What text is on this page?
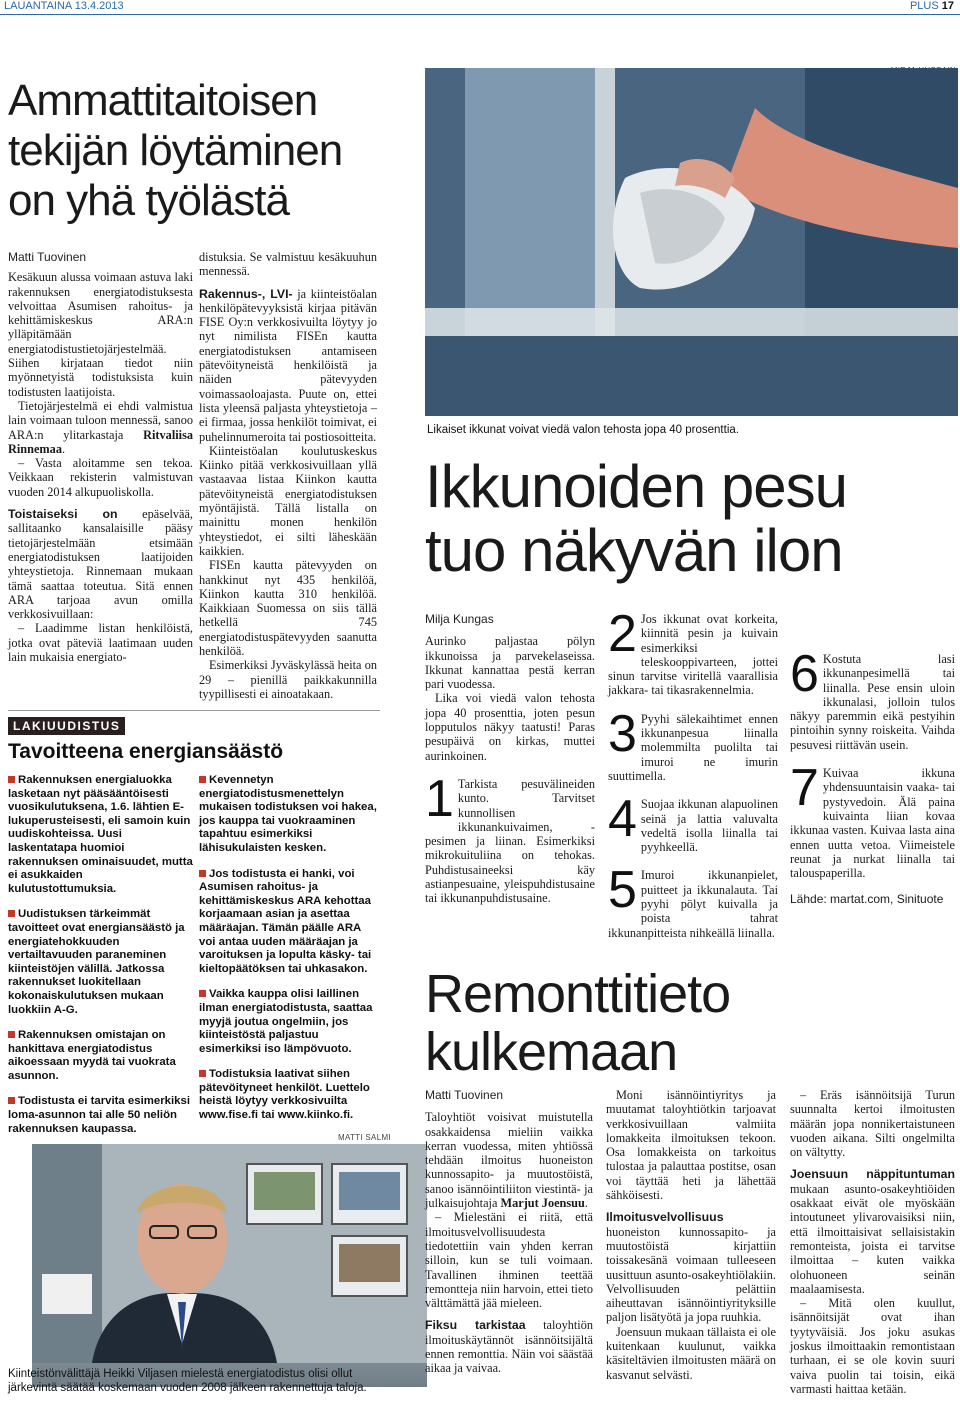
LAUANTAINA 13.4.2013	PLUS 17
Ammattitaitoisen
tekijän löytäminen
on yhä työlästä
Matti Tuovinen

Kesäkuun alussa voimaan astuva laki rakennuksen energiatodistuksesta velvoittaa Asumisen rahoitus- ja kehittämiskeskus ARA:n ylläpitämään energiatodistustietojärjestelmää. Siihen kirjataan tiedot niin myönnetyistä todistuksista kuin todistusten laatijoista.

Tietojärjestelmä ei ehdi valmistua lain voimaan tuloon mennessä, sanoo ARA:n ylitarkastaja Ritvaliisa Rinnemaa.

– Vasta aloitamme sen tekoa. Veikkaan rekisterin valmistuvan vuoden 2014 alkupuoliskolla.

Toistaiseksi on epäselvää, sallitaanko kansalaisille pääsy tietojärjestelmään etsimään energiatodistuksen laatijoiden yhteystietoja. Rinnemaan mukaan tämä saattaa toteutua. Sitä ennen ARA tarjoaa avun omilla verkkosivuillaan:

– Laadimme listan henkilöistä, jotka ovat päteviä laatimaan uuden lain mukaisia energiato-

distuksia. Se valmistuu kesäkuuhun mennessä.

Rakennus-, LVI- ja kiinteistöalan henkilöpätevyyksistä kirjaa pitävän FISE Oy:n verkkosivuilta löytyy jo nyt nimilista FISEn kautta energiatodistuksen antamiseen pätevöityneistä henkilöistä ja näiden pätevyyden voimassaoloajasta. Puute on, ettei lista yleensä paljasta yhteystietoja – ei firmaa, jossa henkilöt toimivat, ei puhelinnumeroita tai postiosoitteita.

Kiinteistöalan koulutuskeskus Kiinko pitää verkkosivuillaan yllä vastaavaa listaa Kiinkon kautta pätevöityneistä energiatodistuksen myöntäjistä. Tällä listalla on mainittu monen henkilön yhteystiedot, ei silti läheskään kaikkien.

FISEn kautta pätevyyden on hankkinut nyt 435 henkilöä, Kiinkon kautta 310 henkilöä. Kaikkiaan Suomessa on siis tällä hetkellä 745 energiatodistuspätevyyden saanutta henkilöä.

Esimerkiksi Jyväskylässä heita on 29 – pienillä paikkakunnilla tyypillisesti ei ainoatakaan.

Likaiset ikkunat voivat viedä valon tehosta jopa 40 prosenttia.
Ikkunoiden pesu
tuo näkyvän ilon
Milja Kungas

Aurinko paljastaa pölyn ikkunoissa ja parvekelaseissa. Ikkunat kannattaa pestä kerran pari vuodessa.

Lika voi viedä valon tehosta jopa 40 prosenttia, joten pesun lopputulos näkyy taatusti! Paras pesupäivä on kirkas, muttei aurinkoinen.

1 Tarkista pesuvälineiden kunto. Tarvitset kunnollisen ikkunankuivaimen, -pesimen ja liinan. Esimerkiksi mikrokuituliina on tehokas. Puhdistusaineeksi käy astianpesuaine, yleispuhdistusaine tai ikkunanpuhdistusaine.
2 Jos ikkunat ovat korkeita, kiinnitä pesin ja kuivain esimerkiksi teleskooppivarteen, jottei sinun tarvitse viritellä vaarallisia jakkara- tai tikasrakennelmia.
3 Pyyhi sälekaihtimet ennen ikkunanpesua liinalla molemmilta puolilta tai imuroi ne imurin suuttimella.
4 Suojaa ikkunan alapuolinen seinä ja lattia valuvalta vedeltä isolla liinalla tai pyyhkeellä.
5 Imuroi ikkunanpielet, puitteet ja ikkunalauta. Tai pyyhi pölyt kuivalla ja poista tahrat ikkunanpitteista nihkeällä liinalla.
6 Kostuta lasi ikkunanpesimellä tai liinalla. Pese ensin uloin ikkunalasi, jolloin tulos näkyy paremmin eikä pestyihin pintoihin synny roiskeita. Vaihda pesuvesi riittävän usein.
7 Kuivaa ikkuna yhdensuuntaisin vaaka- tai pystyvedoin. Älä paina kuivainta liian kovaa ikkunaa vasten. Kuivaa lasta aina ennen uutta vetoa. Viimeistele reunat ja nurkat liinalla tai talouspaperilla.
Lähde: martat.com, Sinituote
LAKIUUDISTUS
Tavoitteena energiansäästö
Rakennuksen energialuokka lasketaan nyt pääsääntöisesti vuosikulutuksena, 1.6. lähtien E-lukuperusteisesti, eli samoin kuin uudiskohteissa. Uusi laskentatapa huomioi rakennuksen ominaisuudet, mutta ei asukkaiden kulutustottumuksia.
Uudistuksen tärkeimmät tavoitteet ovat energiansäästö ja energiatehokkuuden vertailtavuuden paraneminen kiinteistöjen välillä. Jatkossa rakennukset luokitellaan kokonaiskulutuksen mukaan luokkiin A-G.
Rakennuksen omistajan on hankittava energiatodistus aikoessaan myydä tai vuokrata asunnon.
Todistusta ei tarvita esimerkiksi loma-asunnon tai alle 50 neliön rakennuksen kaupassa.
Kevennetyn energiatodistusmenettelyn mukaisen todistuksen voi hakea, jos kauppa tai vuokraaminen tapahtuu esimerkiksi lähisukulaisten kesken.
Jos todistusta ei hanki, voi Asumisen rahoitus- ja kehittämiskeskus ARA kehottaa korjaamaan asian ja asettaa määräajan. Tämän päälle ARA voi antaa uuden määräajan ja varoituksen ja lopulta käsky- tai kieltopäätöksen tai uhkasakon.
Vaikka kauppa olisi laillinen ilman energiatodistusta, saattaa myyjä joutua ongelmiin, jos kiinteistöstä paljastuu esimerkiksi iso lämpövuoto.
Todistuksia laativat siihen pätevöityneet henkilöt. Luettelo heistä löytyy verkkosivuilta www.fise.fi tai www.kiinko.fi.
MATTI SALMI
Kiinteistönvälittäjä Heikki Viljasen mielestä energiatodistus olisi ollut järkevintä säätää koskemaan vuoden 2008 jälkeen rakennettuja taloja.
Remonttitieto
kulkemaan
Matti Tuovinen

Taloyhtiöt voisivat muistutella osakkaidensa mieliin vaikka kerran vuodessa, miten yhtiössä tehdään ilmoitus huoneiston kunnossapito- ja muutostöistä, sanoo isännöintiliiton viestintä- ja julkaisujohtaja Marjut Joensuu.

– Mielestäni ei riitä, että ilmoitusvelvollisuudesta tiedotettiin vain yhden kerran silloin, kun se tuli voimaan. Tavallinen ihminen teettää remontteja niin harvoin, ettei tieto välttämättä jää mieleen.

Fiksu tarkistaa taloyhtiön ilmoituskäytännöt isännöitsijältä ennen remonttia. Näin voi säästää aikaa ja vaivaa.

Moni isännöintiyritys ja muutamat taloyhtiötkin tarjoavat verkkosivuillaan valmiita lomakkeita ilmoituksen tekoon. Osa lomakkeista on tarkoitus tulostaa ja palauttaa postitse, osan voi täyttää heti ja lähettää sähköisesti.

Ilmoitusvelvollisuus huoneiston kunnossapito- ja muutostöistä kirjattiin toissakesänä voimaan tulleeseen uusittuun asunto-osakeyhtiölakiin. Velvollisuuden pelättiin aiheuttavan isännöintiyrityksille paljon lisätyötä ja jopa ruuhkia.

Joensuun mukaan tällaista ei ole kuitenkaan kuulunut, vaikka käsiteltävien ilmoitusten määrä on kasvanut selvästi.

– Eräs isännöitsijä Turun suunnalta kertoi ilmoitusten määrän jopa nonnikertaistuneen vuoden aikana. Silti ongelmilta on vältytty.

Joensuun näppituntuman mukaan asunto-osakeyhtiöiden osakkaat eivät ole myöskään intoutuneet ylivarovaisiksi niin, että ilmoittaisivat sellaisistakin remonteista, joista ei tarvitse ilmoittaa – kuten vaikka olohuoneen seinän maalaamisesta.

– Mitä olen kuullut, isännöitsijät ovat ihan tyytyväisiä. Jos joku asukas joskus ilmoittaakin remontistaan turhaan, ei se ole kovin suuri vaiva puolin tai toisin, eikä varmasti haittaa ketään.
